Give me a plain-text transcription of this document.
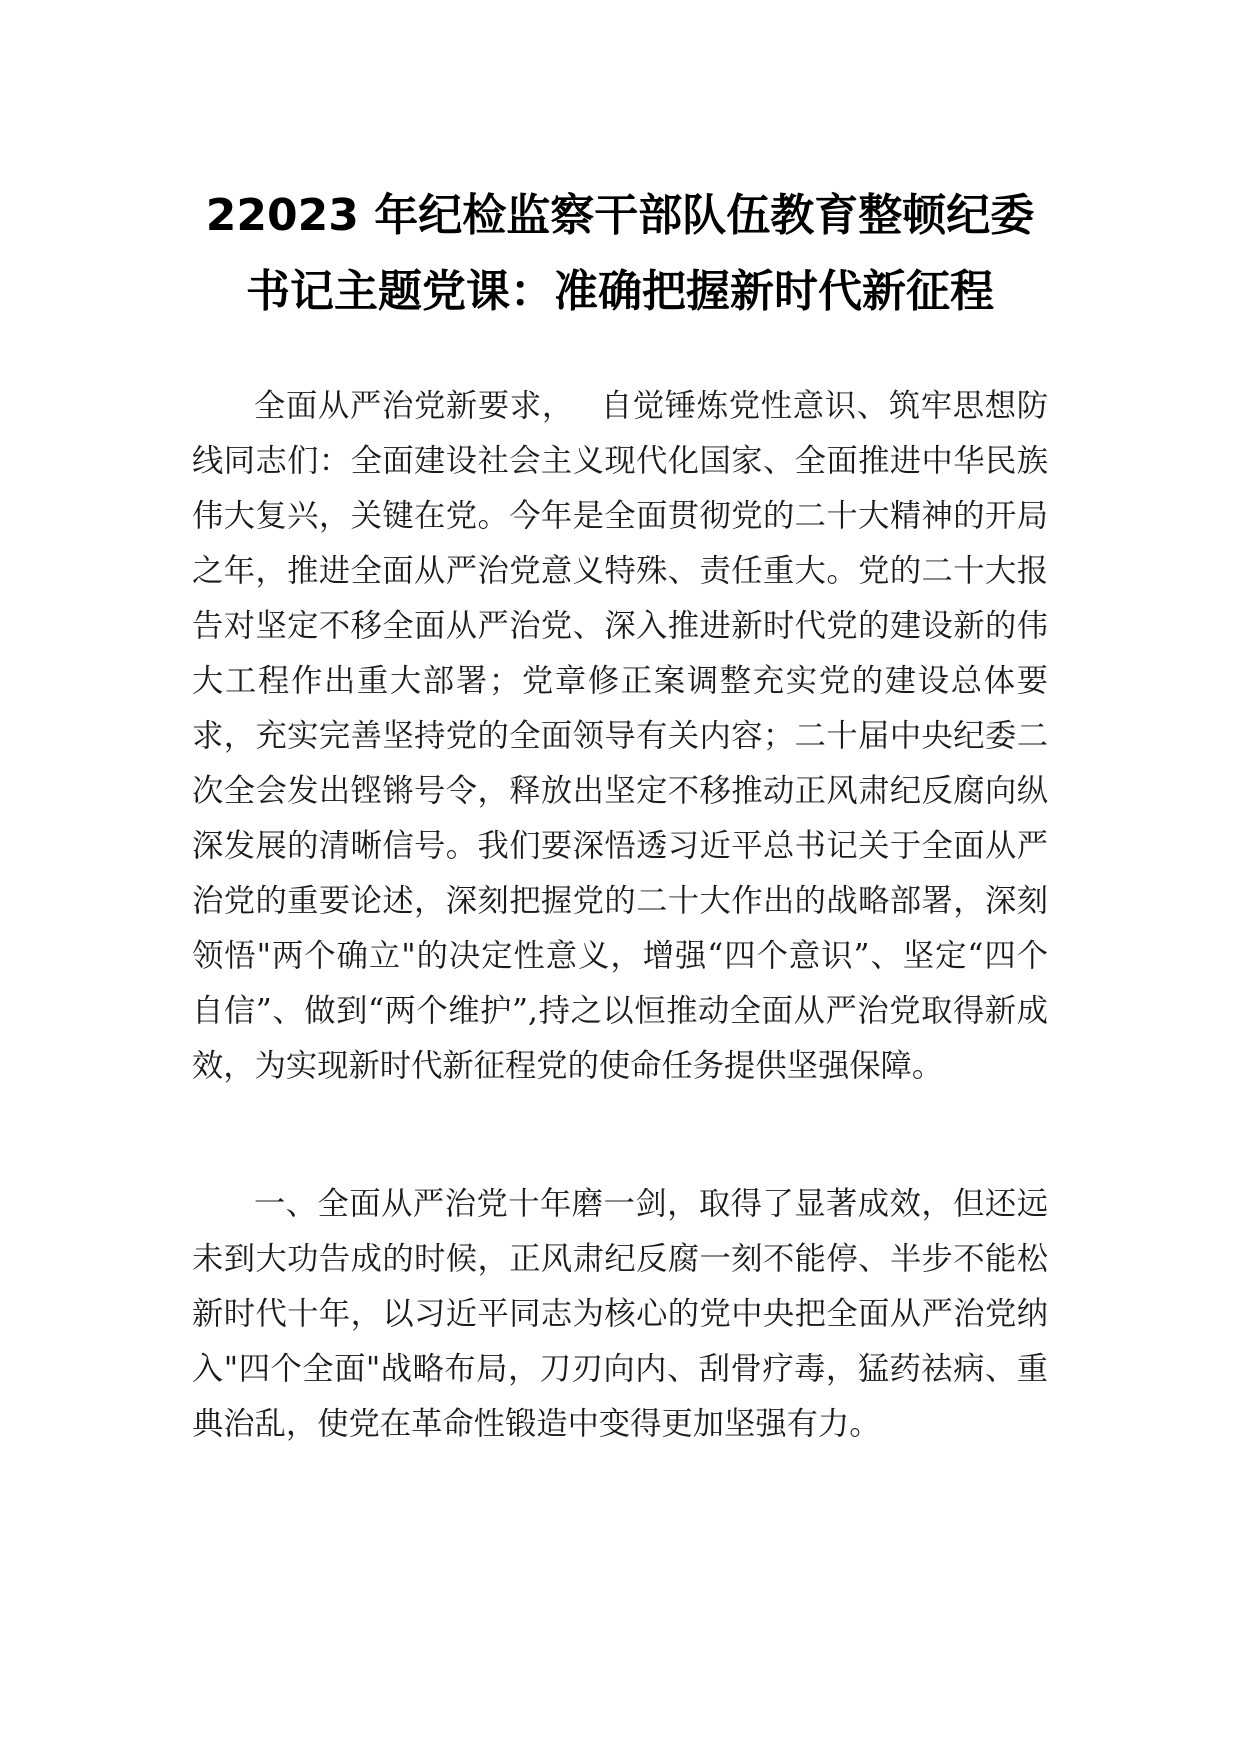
22023 年纪检监察干部队伍教育整顿纪委
书记主题党课：准确把握新时代新征程

全面从严治党新要求，　 自觉锤炼党性意识、筑牢思想防线同志们：全面建设社会主义现代化国家、全面推进中华民族伟大复兴，关键在党。今年是全面贯彻党的二十大精神的开局之年，推进全面从严治党意义特殊、责任重大。党的二十大报告对坚定不移全面从严治党、深入推进新时代党的建设新的伟大工程作出重大部署；党章修正案调整充实党的建设总体要求，充实完善坚持党的全面领导有关内容；二十届中央纪委二次全会发出铿锵号令，释放出坚定不移推动正风肃纪反腐向纵深发展的清晰信号。我们要深悟透习近平总书记关于全面从严治党的重要论述，深刻把握党的二十大作出的战略部署，深刻领悟"两个确立"的决定性意义，增强“四个意识”、坚定“四个自信”、做到“两个维护”,持之以恒推动全面从严治党取得新成效，为实现新时代新征程党的使命任务提供坚强保障。

一、全面从严治党十年磨一剑，取得了显著成效，但还远未到大功告成的时候，正风肃纪反腐一刻不能停、半步不能松新时代十年，以习近平同志为核心的党中央把全面从严治党纳入"四个全面"战略布局，刀刃向内、刮骨疗毒，猛药祛病、重典治乱，使党在革命性锻造中变得更加坚强有力。
